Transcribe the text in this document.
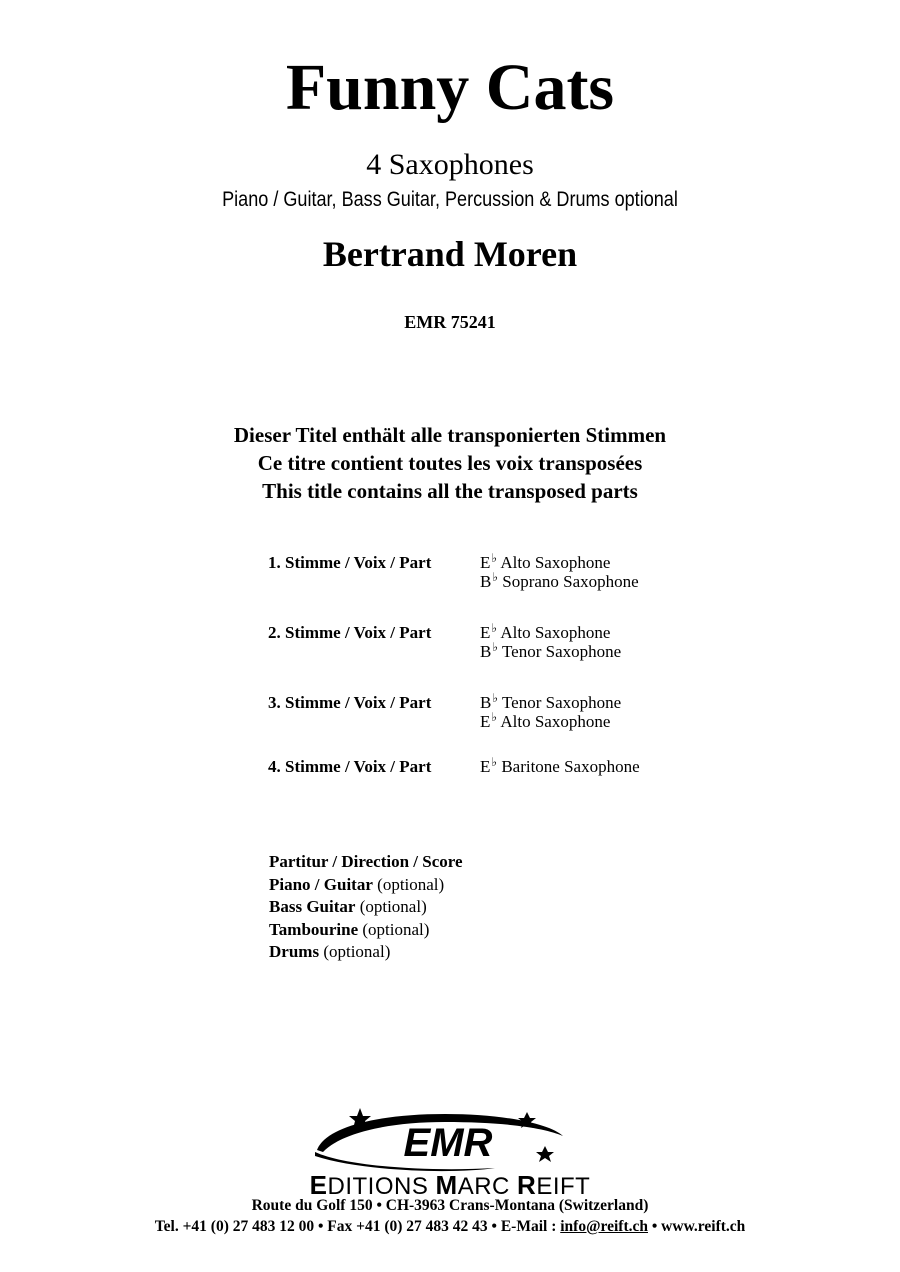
Funny Cats
4 Saxophones
Piano / Guitar, Bass Guitar, Percussion & Drums optional
Bertrand Moren
EMR 75241
Dieser Titel enthält alle transponierten Stimmen
Ce titre contient toutes les voix transposées
This title contains all the transposed parts
1. Stimme / Voix / Part	E♭ Alto Saxophone
B♭ Soprano Saxophone
2. Stimme / Voix / Part	E♭ Alto Saxophone
B♭ Tenor Saxophone
3. Stimme / Voix / Part	B♭ Tenor Saxophone
E♭ Alto Saxophone
4. Stimme / Voix / Part	E♭ Baritone Saxophone
Partitur / Direction / Score
Piano / Guitar (optional)
Bass Guitar (optional)
Tambourine (optional)
Drums (optional)
EMR
EDITIONS MARC REIFT
Route du Golf 150 • CH-3963 Crans-Montana (Switzerland)
Tel. +41 (0) 27 483 12 00 • Fax +41 (0) 27 483 42 43 • E-Mail : info@reift.ch • www.reift.ch
